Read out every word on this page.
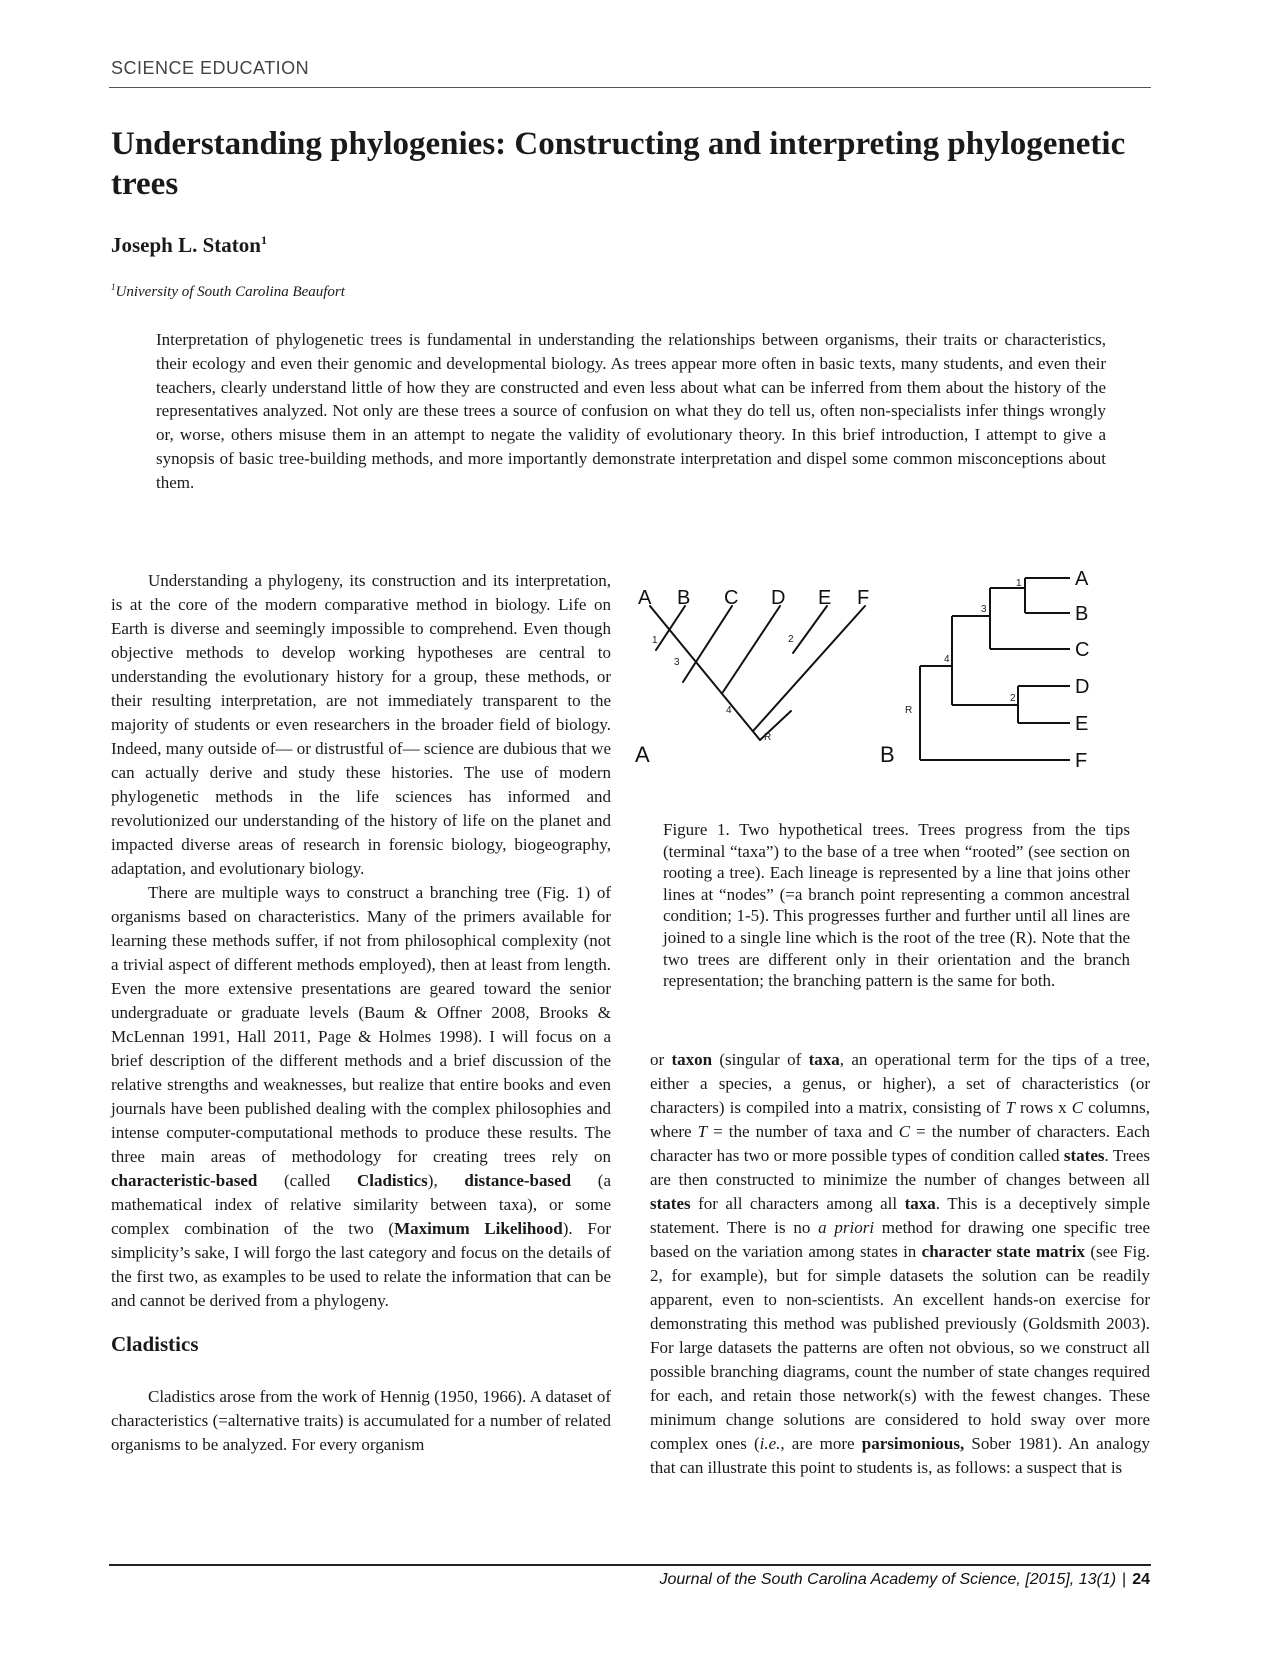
SCIENCE EDUCATION
Understanding phylogenies: Constructing and interpreting phylogenetic trees
Joseph L. Staton$^1$
$^1$University of South Carolina Beaufort

Interpretation of phylogenetic trees is fundamental in understanding the relationships between organisms, their traits or characteristics, their ecology and even their genomic and developmental biology. As trees appear more often in basic texts, many students, and even their teachers, clearly understand little of how they are constructed and even less about what can be inferred from them about the history of the representatives analyzed. Not only are these trees a source of confusion on what they do tell us, often non-specialists infer things wrongly or, worse, others misuse them in an attempt to negate the validity of evolutionary theory. In this brief introduction, I attempt to give a synopsis of basic tree-building methods, and more importantly demonstrate interpretation and dispel some common misconceptions about them.

Understanding a phylogeny, its construction and its interpretation, is at the core of the modern comparative method in biology. Life on Earth is diverse and seemingly impossible to comprehend. Even though objective methods to develop working hypotheses are central to understanding the evolutionary history for a group, these methods, or their resulting interpretation, are not immediately transparent to the majority of students or even researchers in the broader field of biology. Indeed, many outside of— or distrustful of— science are dubious that we can actually derive and study these histories. The use of modern phylogenetic methods in the life sciences has informed and revolutionized our understanding of the history of life on the planet and impacted diverse areas of research in forensic biology, biogeography, adaptation, and evolutionary biology.

There are multiple ways to construct a branching tree (Fig. 1) of organisms based on characteristics. Many of the primers available for learning these methods suffer, if not from philosophical complexity (not a trivial aspect of different methods employed), then at least from length. Even the more extensive presentations are geared toward the senior undergraduate or graduate levels (Baum & Offner 2008, Brooks & McLennan 1991, Hall 2011, Page & Holmes 1998). I will focus on a brief description of the different methods and a brief discussion of the relative strengths and weaknesses, but realize that entire books and even journals have been published dealing with the complex philosophies and intense computer-computational methods to produce these results. The three main areas of methodology for creating trees rely on characteristic-based (called Cladistics), distance-based (a mathematical index of relative similarity between taxa), or some complex combination of the two (Maximum Likelihood). For simplicity’s sake, I will forgo the last category and focus on the details of the first two, as examples to be used to relate the information that can be and cannot be derived from a phylogeny.

Cladistics

Cladistics arose from the work of Hennig (1950, 1966). A dataset of characteristics (=alternative traits) is accumulated for a number of related organisms to be analyzed. For every organism

A B C D E F
1
3
2
4
R
A
A
B
C
D
E
F
1
3
4
2
R
B

Figure 1. Two hypothetical trees. Trees progress from the tips (terminal “taxa”) to the base of a tree when “rooted” (see section on rooting a tree). Each lineage is represented by a line that joins other lines at “nodes” (=a branch point representing a common ancestral condition; 1-5). This progresses further and further until all lines are joined to a single line which is the root of the tree (R). Note that the two trees are different only in their orientation and the branch representation; the branching pattern is the same for both.

or taxon (singular of taxa, an operational term for the tips of a tree, either a species, a genus, or higher), a set of characteristics (or characters) is compiled into a matrix, consisting of T rows x C columns, where T = the number of taxa and C = the number of characters. Each character has two or more possible types of condition called states. Trees are then constructed to minimize the number of changes between all states for all characters among all taxa. This is a deceptively simple statement. There is no a priori method for drawing one specific tree based on the variation among states in character state matrix (see Fig. 2, for example), but for simple datasets the solution can be readily apparent, even to non-scientists. An excellent hands-on exercise for demonstrating this method was published previously (Goldsmith 2003). For large datasets the patterns are often not obvious, so we construct all possible branching diagrams, count the number of state changes required for each, and retain those network(s) with the fewest changes. These minimum change solutions are considered to hold sway over more complex ones (i.e., are more parsimonious, Sober 1981). An analogy that can illustrate this point to students is, as follows: a suspect that is

Journal of the South Carolina Academy of Science, [2015], 13(1) | 24
